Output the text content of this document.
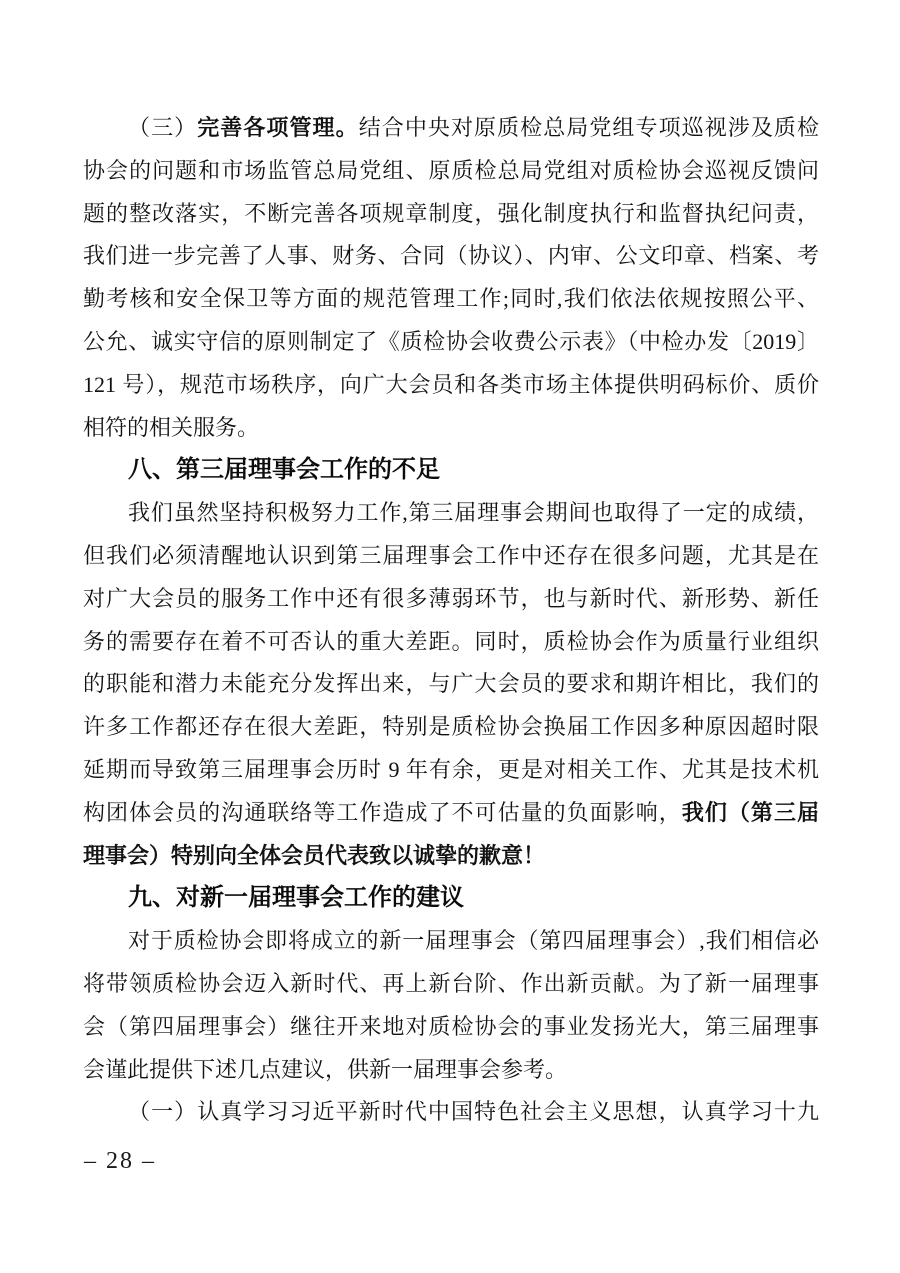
（三）完善各项管理。结合中央对原质检总局党组专项巡视涉及质检
协会的问题和市场监管总局党组、原质检总局党组对质检协会巡视反馈问
题的整改落实，不断完善各项规章制度，强化制度执行和监督执纪问责，
我们进一步完善了人事、财务、合同（协议）、内审、公文印章、档案、考
勤考核和安全保卫等方面的规范管理工作;同时,我们依法依规按照公平、
公允、诚实守信的原则制定了《质检协会收费公示表》（中检办发〔2019〕
121 号），规范市场秩序，向广大会员和各类市场主体提供明码标价、质价
相符的相关服务。
八、第三届理事会工作的不足
我们虽然坚持积极努力工作,第三届理事会期间也取得了一定的成绩，
但我们必须清醒地认识到第三届理事会工作中还存在很多问题，尤其是在
对广大会员的服务工作中还有很多薄弱环节，也与新时代、新形势、新任
务的需要存在着不可否认的重大差距。同时，质检协会作为质量行业组织
的职能和潜力未能充分发挥出来，与广大会员的要求和期许相比，我们的
许多工作都还存在很大差距，特别是质检协会换届工作因多种原因超时限
延期而导致第三届理事会历时 9 年有余，更是对相关工作、尤其是技术机
构团体会员的沟通联络等工作造成了不可估量的负面影响，我们（第三届
理事会）特别向全体会员代表致以诚挚的歉意！
九、对新一届理事会工作的建议
对于质检协会即将成立的新一届理事会（第四届理事会）,我们相信必
将带领质检协会迈入新时代、再上新台阶、作出新贡献。为了新一届理事
会（第四届理事会）继往开来地对质检协会的事业发扬光大，第三届理事
会谨此提供下述几点建议，供新一届理事会参考。
（一）认真学习习近平新时代中国特色社会主义思想，认真学习十九
– 28 –
